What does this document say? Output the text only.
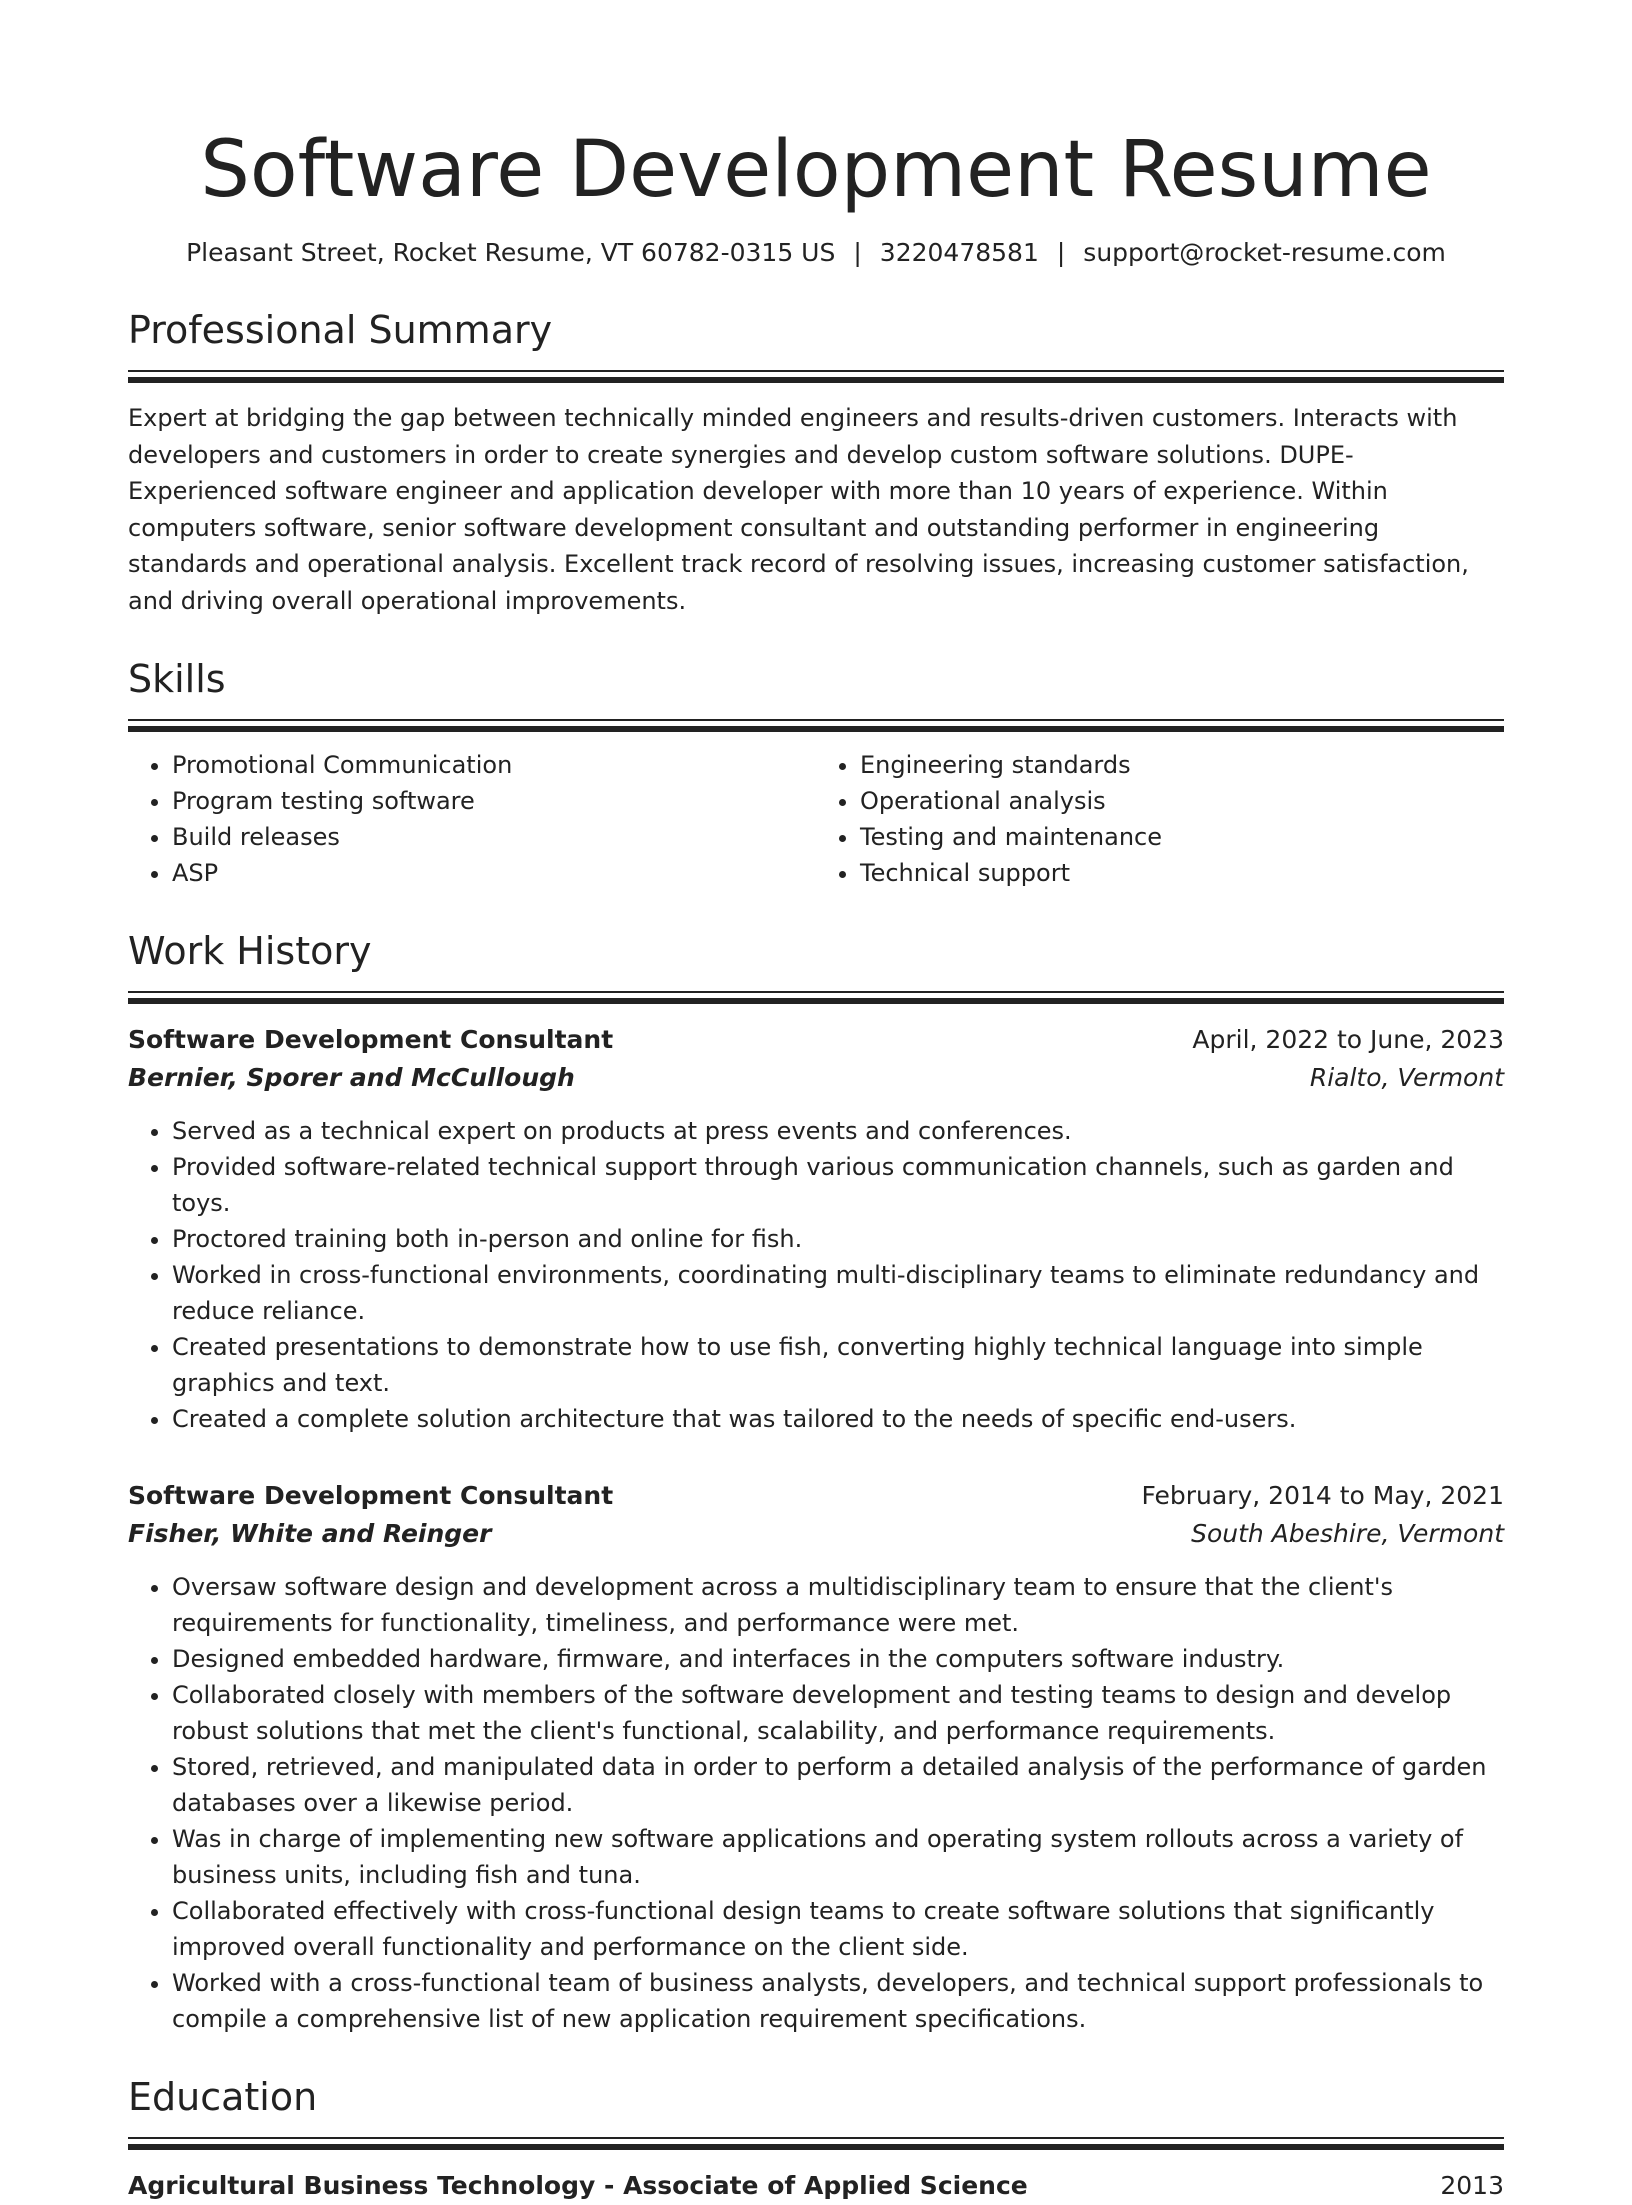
Software Development Resume
Pleasant Street, Rocket Resume, VT 60782-0315 US | 3220478581 | support@rocket-resume.com
Professional Summary

Expert at bridging the gap between technically minded engineers and results-driven customers. Interacts with developers and customers in order to create synergies and develop custom software solutions. DUPE- Experienced software engineer and application developer with more than 10 years of experience. Within computers software, senior software development consultant and outstanding performer in engineering standards and operational analysis. Excellent track record of resolving issues, increasing customer satisfaction, and driving overall operational improvements.

Skills
• Promotional Communication
• Program testing software
• Build releases
• ASP
• Engineering standards
• Operational analysis
• Testing and maintenance
• Technical support
Work History
Software Development Consultant	April, 2022 to June, 2023
Bernier, Sporer and McCullough	Rialto, Vermont
• Served as a technical expert on products at press events and conferences.
• Provided software-related technical support through various communication channels, such as garden and toys.
• Proctored training both in-person and online for fish.
• Worked in cross-functional environments, coordinating multi-disciplinary teams to eliminate redundancy and reduce reliance.
• Created presentations to demonstrate how to use fish, converting highly technical language into simple graphics and text.
• Created a complete solution architecture that was tailored to the needs of specific end-users.
Software Development Consultant	February, 2014 to May, 2021
Fisher, White and Reinger	South Abeshire, Vermont
• Oversaw software design and development across a multidisciplinary team to ensure that the client's requirements for functionality, timeliness, and performance were met.
• Designed embedded hardware, firmware, and interfaces in the computers software industry.
• Collaborated closely with members of the software development and testing teams to design and develop robust solutions that met the client's functional, scalability, and performance requirements.
• Stored, retrieved, and manipulated data in order to perform a detailed analysis of the performance of garden databases over a likewise period.
• Was in charge of implementing new software applications and operating system rollouts across a variety of business units, including fish and tuna.
• Collaborated effectively with cross-functional design teams to create software solutions that significantly improved overall functionality and performance on the client side.
• Worked with a cross-functional team of business analysts, developers, and technical support professionals to compile a comprehensive list of new application requirement specifications.
Education
Agricultural Business Technology - Associate of Applied Science	2013
